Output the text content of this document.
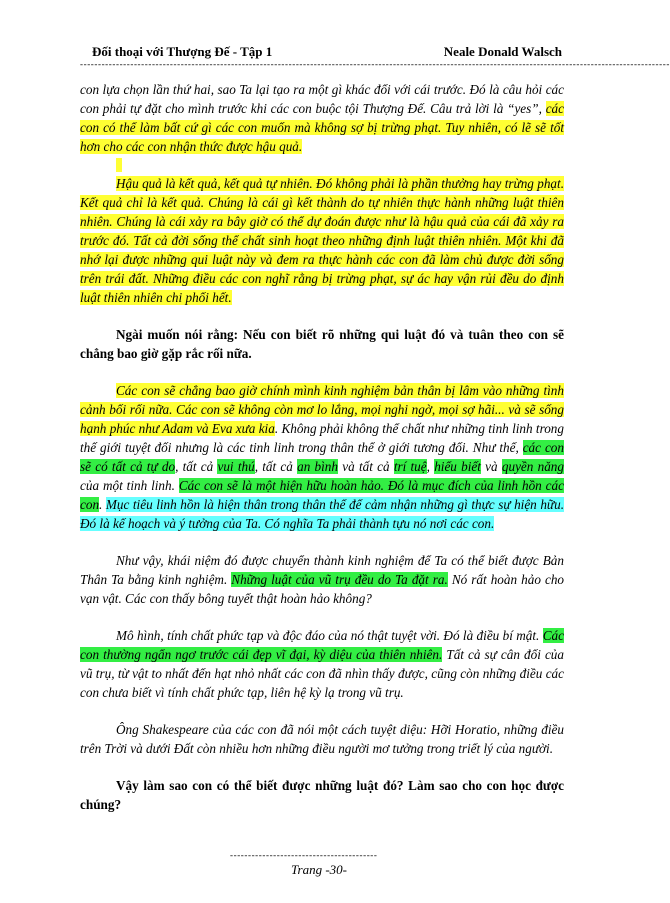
Đối thoại với Thượng Đế - Tập 1	Neale Donald Walsch
--------------------------------------------------------------------------------------------------------------------------------------------------------------------

con lựa chọn lần thứ hai, sao Ta lại tạo ra một gì khác đối với cái trước. Đó là câu hỏi các con phải tự đặt cho mình trước khi các con buộc tội Thượng Đế. Câu trả lời là “yes”, các con có thể làm bất cứ gì các con muốn mà không sợ bị trừng phạt. Tuy nhiên, có lẽ sẽ tốt hơn cho các con nhận thức được hậu quả.

Hậu quả là kết quả, kết quả tự nhiên. Đó không phải là phần thưởng hay trừng phạt. Kết quả chỉ là kết quả. Chúng là cái gì kết thành do tự nhiên thực hành những luật thiên nhiên. Chúng là cái xảy ra bây giờ có thể dự đoán được như là hậu quả của cái đã xảy ra trước đó. Tất cả đời sống thể chất sinh hoạt theo những định luật thiên nhiên. Một khi đã nhớ lại được những qui luật này và đem ra thực hành các con đã làm chủ được đời sống trên trái đất. Những điều các con nghĩ rằng bị trừng phạt, sự ác hay vận rủi đều do định luật thiên nhiên chi phối hết.

Ngài muốn nói rằng: Nếu con biết rõ những qui luật đó và tuân theo con sẽ chẳng bao giờ gặp rắc rối nữa.

Các con sẽ chẳng bao giờ chính mình kinh nghiệm bản thân bị lâm vào những tình cảnh bối rối nữa. Các con sẽ không còn mơ lo lắng, mọi nghi ngờ, mọi sợ hãi... và sẽ sống hạnh phúc như Adam và Eva xưa kia. Không phải không thể chất như những tinh linh trong thế giới tuyệt đối nhưng là các tinh linh trong thân thể ở giới tương đối. Như thế, các con sẽ có tất cả tự do, tất cả vui thú, tất cả an bình và tất cả trí tuệ, hiểu biết và quyền năng của một tinh linh. Các con sẽ là một hiện hữu hoàn hảo. Đó là mục đích của linh hồn các con. Mục tiêu linh hồn là hiện thân trong thân thể để cảm nhận những gì thực sự hiện hữu. Đó là kế hoạch và ý tưởng của Ta. Có nghĩa Ta phải thành tựu nó nơi các con.

Như vậy, khái niệm đó được chuyển thành kinh nghiệm để Ta có thể biết được Bản Thân Ta bằng kinh nghiệm. Những luật của vũ trụ đều do Ta đặt ra. Nó rất hoàn hảo cho vạn vật. Các con thấy bông tuyết thật hoàn hảo không?

Mô hình, tính chất phức tạp và độc đáo của nó thật tuyệt vời. Đó là điều bí mật. Các con thường ngẩn ngơ trước cái đẹp vĩ đại, kỳ diệu của thiên nhiên. Tất cả sự cân đối của vũ trụ, từ vật to nhất đến hạt nhỏ nhất các con đã nhìn thấy được, cũng còn những điều các con chưa biết vì tính chất phức tạp, liên hệ kỳ lạ trong vũ trụ.

Ông Shakespeare của các con đã nói một cách tuyệt diệu: Hỡi Horatio, những điều trên Trời và dưới Đất còn nhiều hơn những điều người mơ tưởng trong triết lý của người.

Vậy làm sao con có thể biết được những luật đó? Làm sao cho con học được chúng?

-----------------------------------------
Trang -30-
